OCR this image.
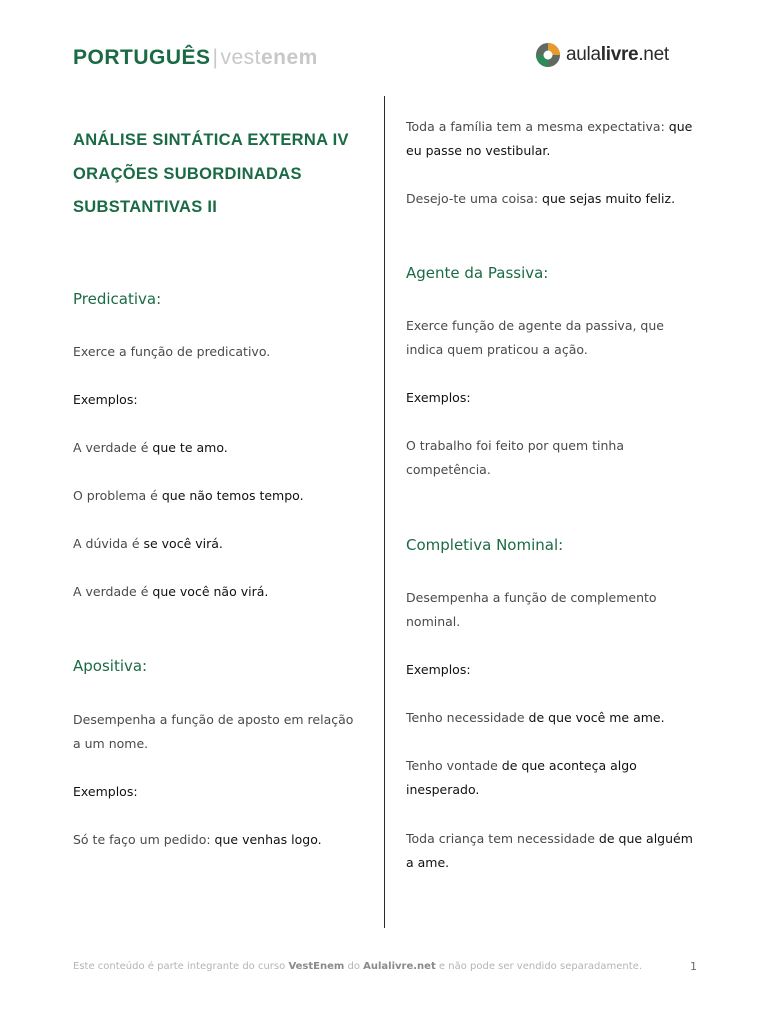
PORTUGUÊS|vestenem	aulalivre.net
ANÁLISE SINTÁTICA EXTERNA IV
ORAÇÕES SUBORDINADAS
SUBSTANTIVAS II
Predicativa:

Exerce a função de predicativo.

Exemplos:

A verdade é que te amo.

O problema é que não temos tempo.

A dúvida é se você virá.

A verdade é que você não virá.

Apositiva:

Desempenha a função de aposto em relação a um nome.

Exemplos:

Só te faço um pedido: que venhas logo.

Toda a família tem a mesma expectativa: que eu passe no vestibular.

Desejo-te uma coisa: que sejas muito feliz.

Agente da Passiva:

Exerce função de agente da passiva, que indica quem praticou a ação.

Exemplos:

O trabalho foi feito por quem tinha competência.

Completiva Nominal:

Desempenha a função de complemento nominal.

Exemplos:

Tenho necessidade de que você me ame.

Tenho vontade de que aconteça algo inesperado.

Toda criança tem necessidade de que alguém a ame.

Este conteúdo é parte integrante do curso VestEnem do Aulalivre.net e não pode ser vendido separadamente.	1
